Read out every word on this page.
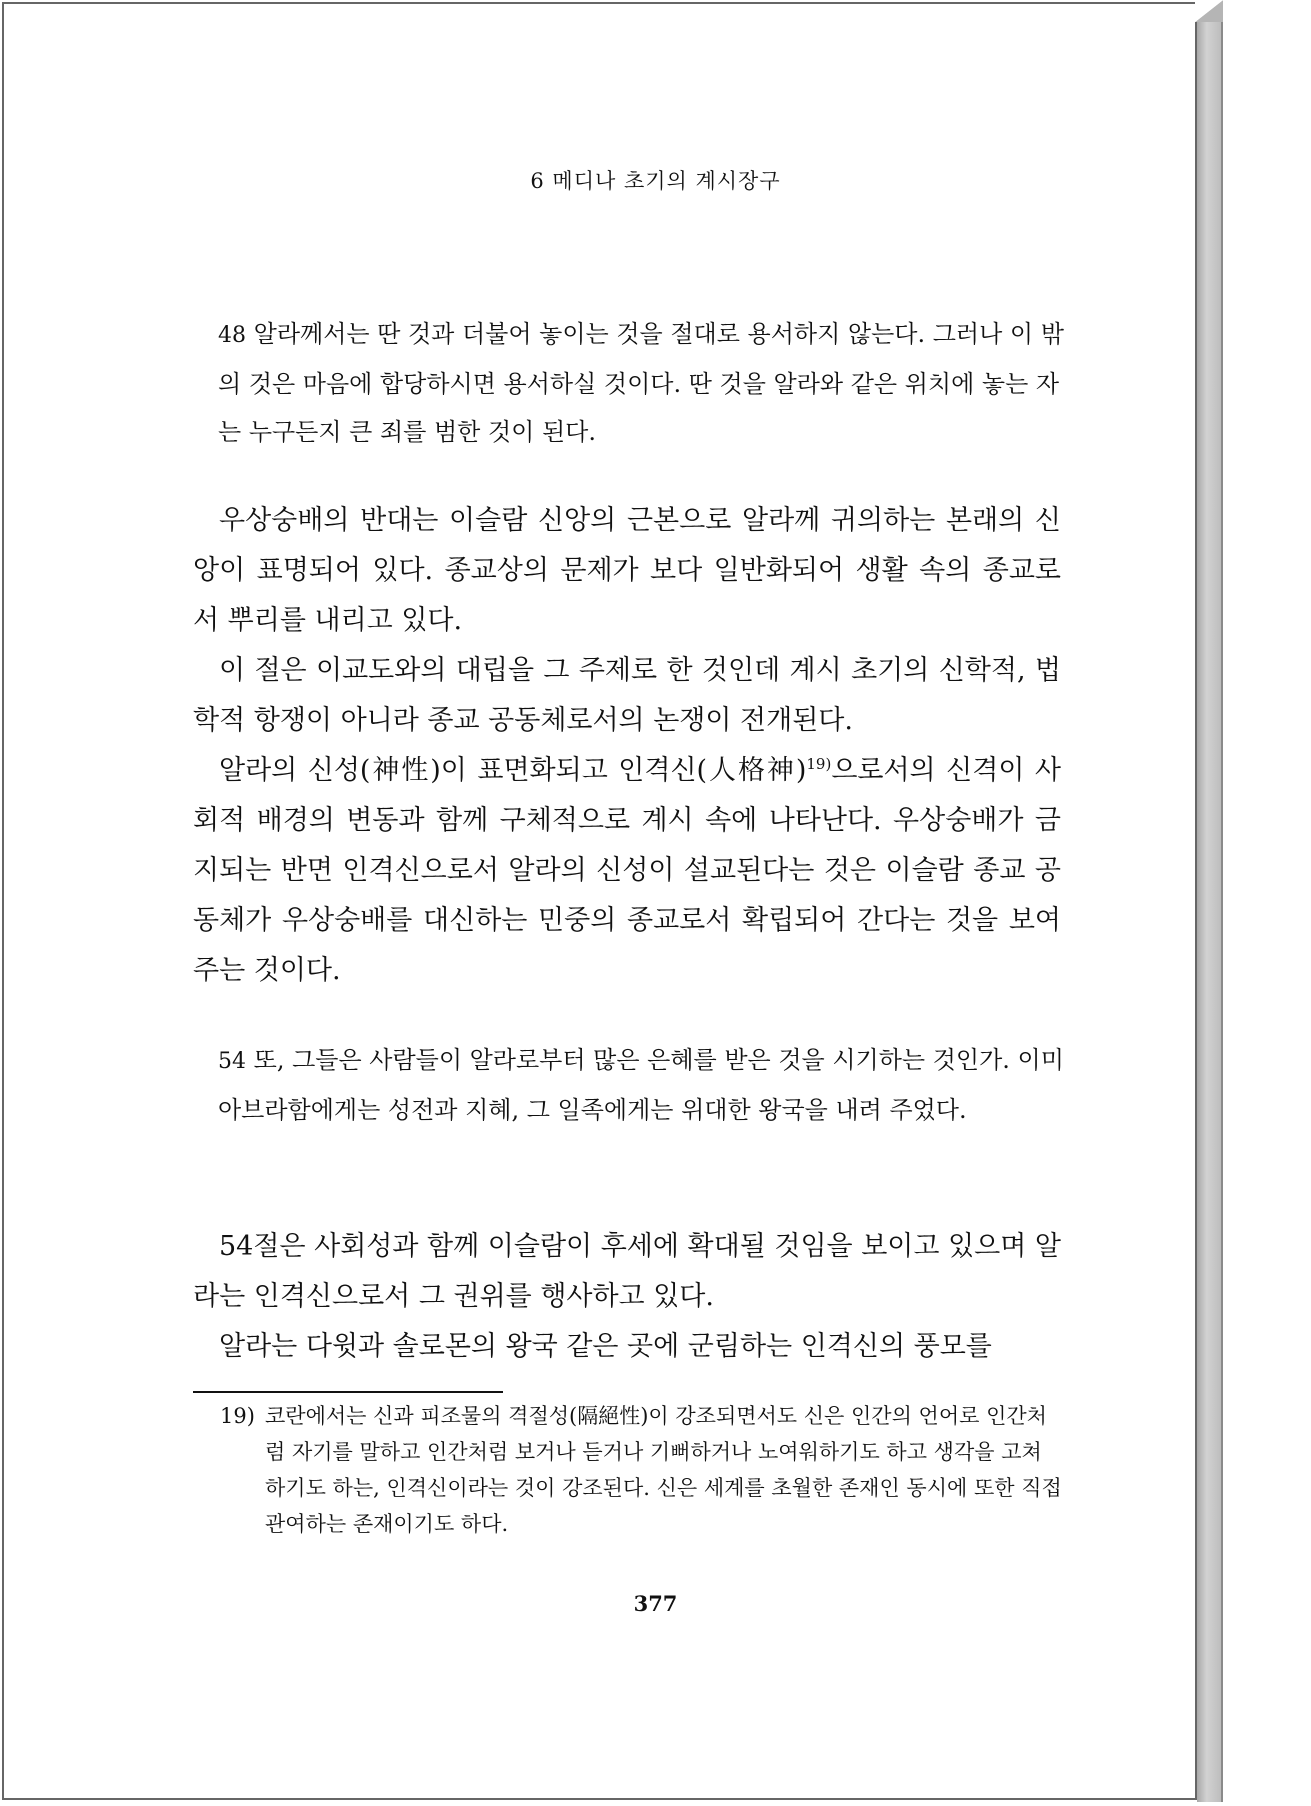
6 메디나 초기의 계시장구
48 알라께서는 딴 것과 더불어 놓이는 것을 절대로 용서하지 않는다. 그러나 이 밖의 것은 마음에 합당하시면 용서하실 것이다. 딴 것을 알라와 같은 위치에 놓는 자는 누구든지 큰 죄를 범한 것이 된다.

우상숭배의 반대는 이슬람 신앙의 근본으로 알라께 귀의하는 본래의 신앙이 표명되어 있다. 종교상의 문제가 보다 일반화되어 생활 속의 종교로서 뿌리를 내리고 있다.

이 절은 이교도와의 대립을 그 주제로 한 것인데 계시 초기의 신학적, 법학적 항쟁이 아니라 종교 공동체로서의 논쟁이 전개된다.

알라의 신성(神性)이 표면화되고 인격신(人格神)$^{19)}$으로서의 신격이 사회적 배경의 변동과 함께 구체적으로 계시 속에 나타난다. 우상숭배가 금지되는 반면 인격신으로서 알라의 신성이 설교된다는 것은 이슬람 종교 공동체가 우상숭배를 대신하는 민중의 종교로서 확립되어 간다는 것을 보여주는 것이다.

54 또, 그들은 사람들이 알라로부터 많은 은혜를 받은 것을 시기하는 것인가. 이미 아브라함에게는 성전과 지혜, 그 일족에게는 위대한 왕국을 내려 주었다.

54절은 사회성과 함께 이슬람이 후세에 확대될 것임을 보이고 있으며 알라는 인격신으로서 그 권위를 행사하고 있다.

알라는 다윗과 솔로몬의 왕국 같은 곳에 군림하는 인격신의 풍모를

19) 코란에서는 신과 피조물의 격절성(隔絕性)이 강조되면서도 신은 인간의 언어로 인간처럼 자기를 말하고 인간처럼 보거나 듣거나 기뻐하거나 노여워하기도 하고 생각을 고쳐 하기도 하는, 인격신이라는 것이 강조된다. 신은 세계를 초월한 존재인 동시에 또한 직접 관여하는 존재이기도 하다.
377
